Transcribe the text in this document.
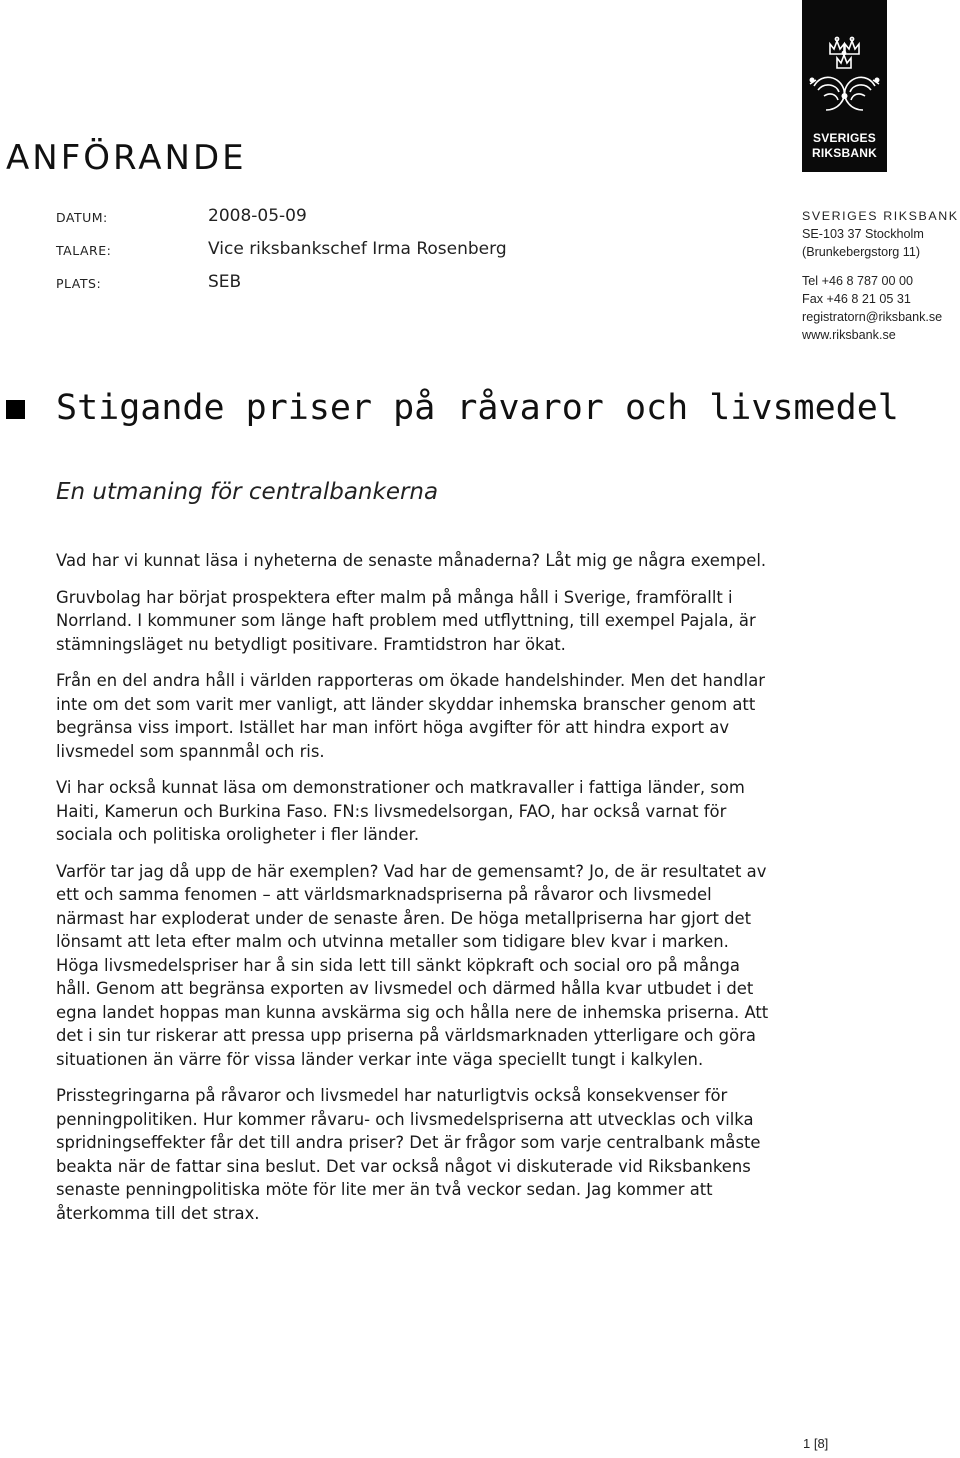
SVERIGES
RIKSBANK
ANFÖRANDE
DATUM:	2008-05-09
TALARE:	Vice riksbankschef Irma Rosenberg
PLATS:	SEB
SVERIGES RIKSBANK
SE-103 37 Stockholm
(Brunkebergstorg 11)
Tel +46 8 787 00 00
Fax +46 8 21 05 31
registratorn@riksbank.se
www.riksbank.se
Stigande priser på råvaror och livsmedel
En utmaning för centralbankerna

Vad har vi kunnat läsa i nyheterna de senaste månaderna? Låt mig ge några exempel.

Gruvbolag har börjat prospektera efter malm på många håll i Sverige, framförallt i Norrland. I kommuner som länge haft problem med utflyttning, till exempel Pajala, är stämningsläget nu betydligt positivare. Framtidstron har ökat.

Från en del andra håll i världen rapporteras om ökade handelshinder. Men det handlar inte om det som varit mer vanligt, att länder skyddar inhemska branscher genom att begränsa viss import. Istället har man infört höga avgifter för att hindra export av livsmedel som spannmål och ris.

Vi har också kunnat läsa om demonstrationer och matkravaller i fattiga länder, som Haiti, Kamerun och Burkina Faso. FN:s livsmedelsorgan, FAO, har också varnat för sociala och politiska oroligheter i fler länder.

Varför tar jag då upp de här exemplen? Vad har de gemensamt? Jo, de är resultatet av ett och samma fenomen – att världsmarknadspriserna på råvaror och livsmedel närmast har exploderat under de senaste åren. De höga metallpriserna har gjort det lönsamt att leta efter malm och utvinna metaller som tidigare blev kvar i marken. Höga livsmedelspriser har å sin sida lett till sänkt köpkraft och social oro på många håll. Genom att begränsa exporten av livsmedel och därmed hålla kvar utbudet i det egna landet hoppas man kunna avskärma sig och hålla nere de inhemska priserna. Att det i sin tur riskerar att pressa upp priserna på världsmarknaden ytterligare och göra situationen än värre för vissa länder verkar inte väga speciellt tungt i kalkylen.

Prisstegringarna på råvaror och livsmedel har naturligtvis också konsekvenser för penningpolitiken. Hur kommer råvaru- och livsmedelspriserna att utvecklas och vilka spridningseffekter får det till andra priser? Det är frågor som varje centralbank måste beakta när de fattar sina beslut. Det var också något vi diskuterade vid Riksbankens senaste penningpolitiska möte för lite mer än två veckor sedan. Jag kommer att återkomma till det strax.

1 [8]
